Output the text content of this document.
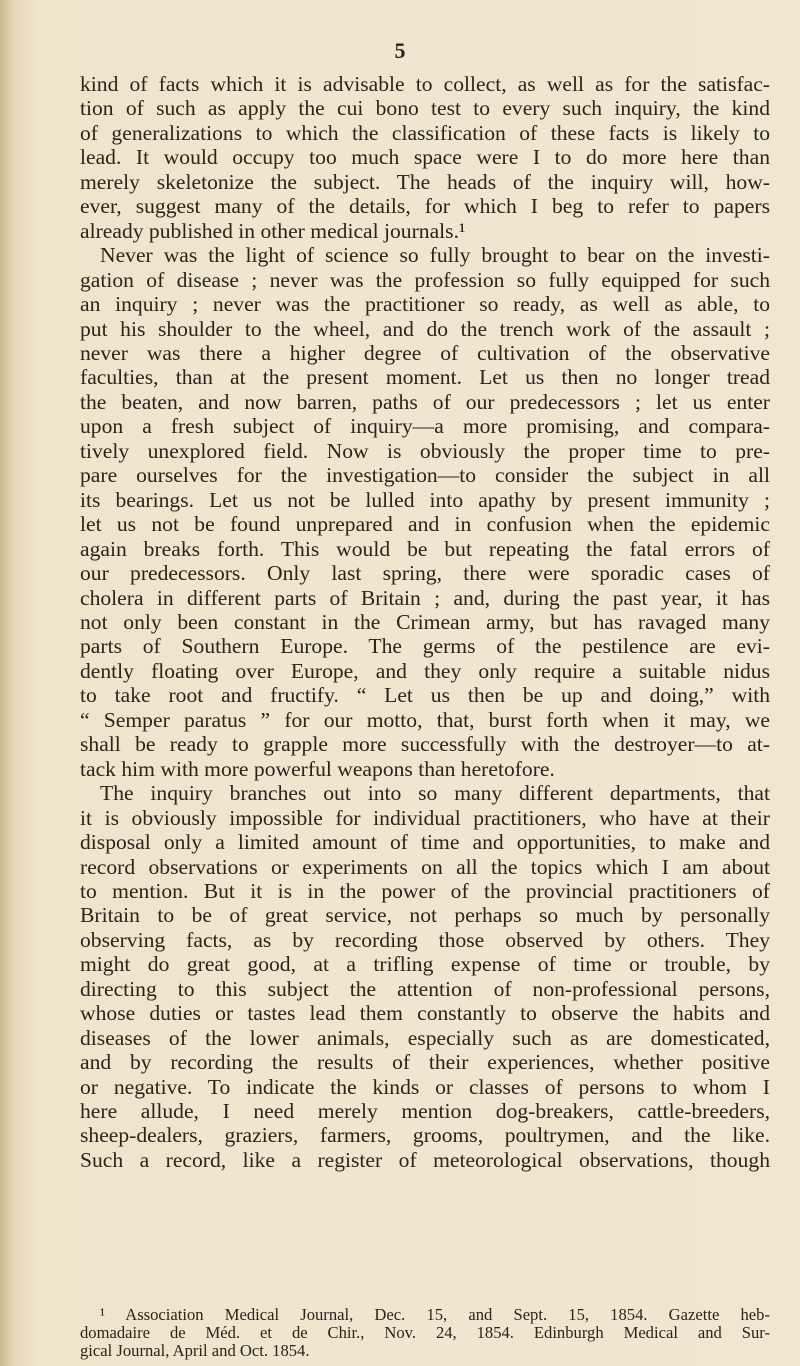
5
kind of facts which it is advisable to collect, as well as for the satisfac-
tion of such as apply the cui bono test to every such inquiry, the kind
of generalizations to which the classification of these facts is likely to
lead. It would occupy too much space were I to do more here than
merely skeletonize the subject. The heads of the inquiry will, how-
ever, suggest many of the details, for which I beg to refer to papers
already published in other medical journals.¹
Never was the light of science so fully brought to bear on the investi-
gation of disease ; never was the profession so fully equipped for such
an inquiry ; never was the practitioner so ready, as well as able, to
put his shoulder to the wheel, and do the trench work of the assault ;
never was there a higher degree of cultivation of the observative
faculties, than at the present moment. Let us then no longer tread
the beaten, and now barren, paths of our predecessors ; let us enter
upon a fresh subject of inquiry—a more promising, and compara-
tively unexplored field. Now is obviously the proper time to pre-
pare ourselves for the investigation—to consider the subject in all
its bearings. Let us not be lulled into apathy by present immunity ;
let us not be found unprepared and in confusion when the epidemic
again breaks forth. This would be but repeating the fatal errors of
our predecessors. Only last spring, there were sporadic cases of
cholera in different parts of Britain ; and, during the past year, it has
not only been constant in the Crimean army, but has ravaged many
parts of Southern Europe. The germs of the pestilence are evi-
dently floating over Europe, and they only require a suitable nidus
to take root and fructify. “ Let us then be up and doing,” with
“ Semper paratus ” for our motto, that, burst forth when it may, we
shall be ready to grapple more successfully with the destroyer—to at-
tack him with more powerful weapons than heretofore.
The inquiry branches out into so many different departments, that
it is obviously impossible for individual practitioners, who have at their
disposal only a limited amount of time and opportunities, to make and
record observations or experiments on all the topics which I am about
to mention. But it is in the power of the provincial practitioners of
Britain to be of great service, not perhaps so much by personally
observing facts, as by recording those observed by others. They
might do great good, at a trifling expense of time or trouble, by
directing to this subject the attention of non-professional persons,
whose duties or tastes lead them constantly to observe the habits and
diseases of the lower animals, especially such as are domesticated,
and by recording the results of their experiences, whether positive
or negative. To indicate the kinds or classes of persons to whom I
here allude, I need merely mention dog-breakers, cattle-breeders,
sheep-dealers, graziers, farmers, grooms, poultrymen, and the like.
Such a record, like a register of meteorological observations, though
¹ Association Medical Journal, Dec. 15, and Sept. 15, 1854. Gazette heb-
domadaire de Méd. et de Chir., Nov. 24, 1854. Edinburgh Medical and Sur-
gical Journal, April and Oct. 1854.
